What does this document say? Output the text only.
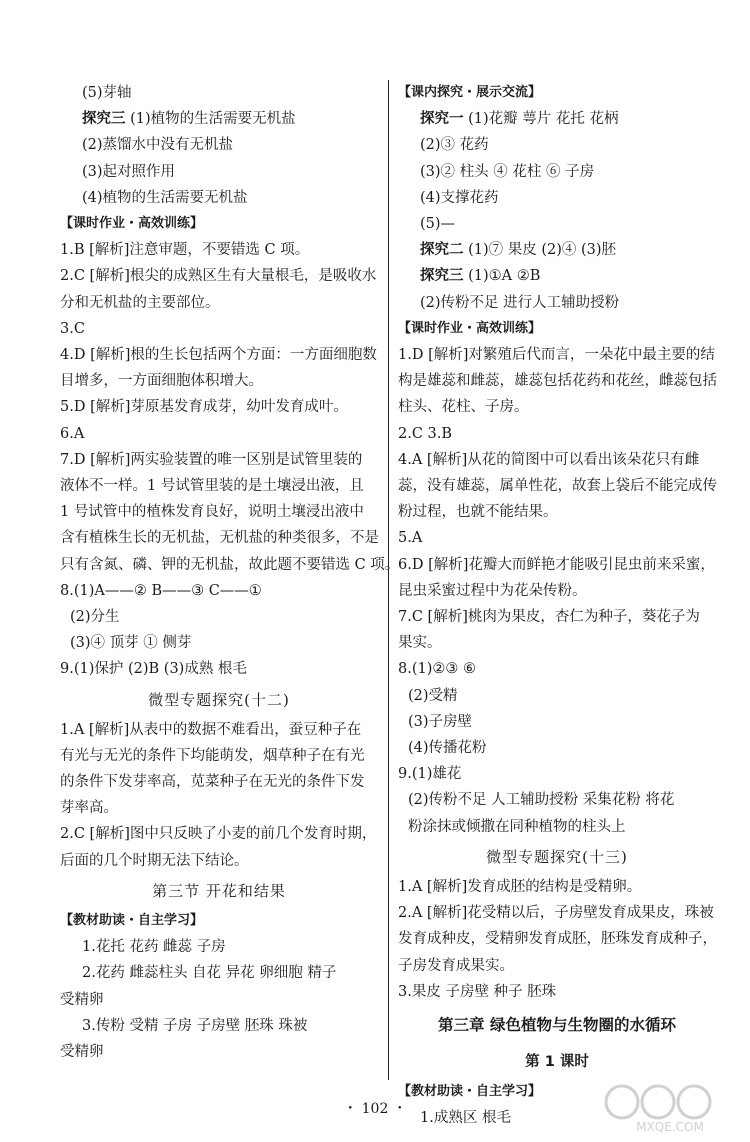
(5)芽轴
探究三 (1)植物的生活需要无机盐
(2)蒸馏水中没有无机盐
(3)起对照作用
(4)植物的生活需要无机盐
【课时作业・高效训练】
1.B [解析]注意审题，不要错选 C 项。
2.C [解析]根尖的成熟区生有大量根毛，是吸收水
分和无机盐的主要部位。
3.C
4.D [解析]根的生长包括两个方面：一方面细胞数
目增多，一方面细胞体积增大。
5.D [解析]芽原基发育成芽，幼叶发育成叶。
6.A
7.D [解析]两实验装置的唯一区别是试管里装的
液体不一样。1 号试管里装的是土壤浸出液，且
1 号试管中的植株发育良好，说明土壤浸出液中
含有植株生长的无机盐，无机盐的种类很多，不是
只有含氮、磷、钾的无机盐，故此题不要错选 C 项。
8.(1)A——② B——③ C——①
(2)分生
(3)④ 顶芽 ① 侧芽
9.(1)保护 (2)B (3)成熟 根毛
微型专题探究(十二)
1.A [解析]从表中的数据不难看出，蚕豆种子在
有光与无光的条件下均能萌发，烟草种子在有光
的条件下发芽率高，苋菜种子在无光的条件下发
芽率高。
2.C [解析]图中只反映了小麦的前几个发育时期，
后面的几个时期无法下结论。
第三节 开花和结果
【教材助读・自主学习】
1.花托 花药 雌蕊 子房
2.花药 雌蕊柱头 自花 异花 卵细胞 精子
受精卵
3.传粉 受精 子房 子房壁 胚珠 珠被
受精卵
【课内探究・展示交流】
探究一 (1)花瓣 萼片 花托 花柄
(2)③ 花药
(3)② 柱头 ④ 花柱 ⑥ 子房
(4)支撑花药
(5)—
探究二 (1)⑦ 果皮 (2)④ (3)胚
探究三 (1)①A ②B
(2)传粉不足 进行人工辅助授粉
【课时作业・高效训练】
1.D [解析]对繁殖后代而言，一朵花中最主要的结
构是雄蕊和雌蕊，雄蕊包括花药和花丝，雌蕊包括
柱头、花柱、子房。
2.C 3.B
4.A [解析]从花的简图中可以看出该朵花只有雌
蕊，没有雄蕊，属单性花，故套上袋后不能完成传
粉过程，也就不能结果。
5.A
6.D [解析]花瓣大而鲜艳才能吸引昆虫前来采蜜，
昆虫采蜜过程中为花朵传粉。
7.C [解析]桃肉为果皮，杏仁为种子，葵花子为
果实。
8.(1)②③ ⑥
(2)受精
(3)子房壁
(4)传播花粉
9.(1)雄花
(2)传粉不足 人工辅助授粉 采集花粉 将花
粉涂抹或倾撒在同种植物的柱头上
微型专题探究(十三)
1.A [解析]发育成胚的结构是受精卵。
2.A [解析]花受精以后，子房壁发育成果皮，珠被
发育成种皮，受精卵发育成胚，胚珠发育成种子，
子房发育成果实。
3.果皮 子房壁 种子 胚珠
第三章 绿色植物与生物圈的水循环
第 1 课时
【教材助读・自主学习】
1.成熟区 根毛
・ 102 ・
MXQE.COM
